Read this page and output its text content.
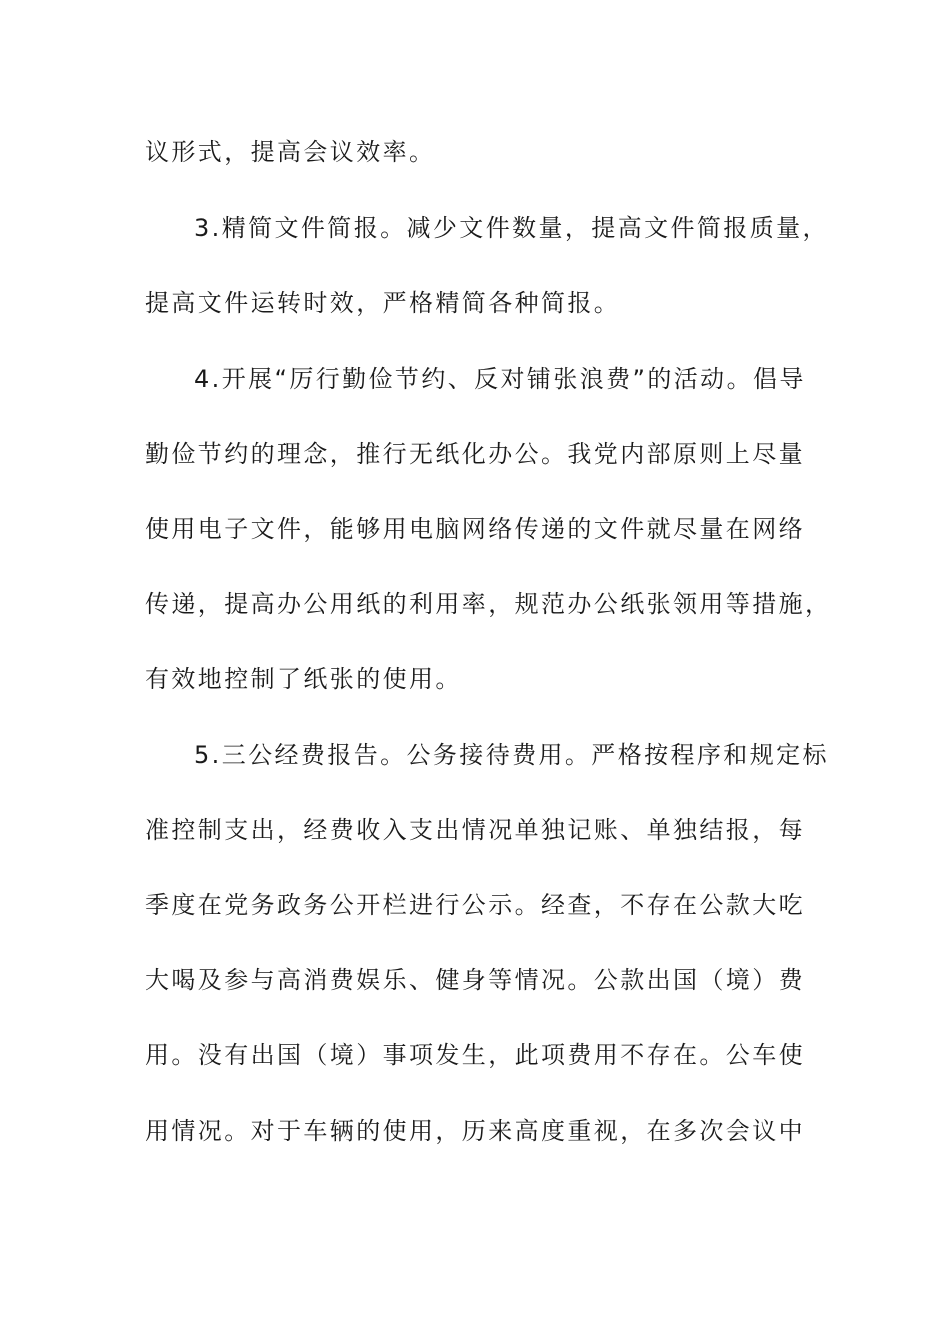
议形式，提高会议效率。
3.精简文件简报。减少文件数量，提高文件简报质量，
提高文件运转时效，严格精简各种简报。
4.开展“厉行勤俭节约、反对铺张浪费”的活动。倡导
勤俭节约的理念，推行无纸化办公。我党内部原则上尽量
使用电子文件，能够用电脑网络传递的文件就尽量在网络
传递，提高办公用纸的利用率，规范办公纸张领用等措施，
有效地控制了纸张的使用。
5.三公经费报告。公务接待费用。严格按程序和规定标
准控制支出，经费收入支出情况单独记账、单独结报，每
季度在党务政务公开栏进行公示。经查，不存在公款大吃
大喝及参与高消费娱乐、健身等情况。公款出国（境）费
用。没有出国（境）事项发生，此项费用不存在。公车使
用情况。对于车辆的使用，历来高度重视，在多次会议中
